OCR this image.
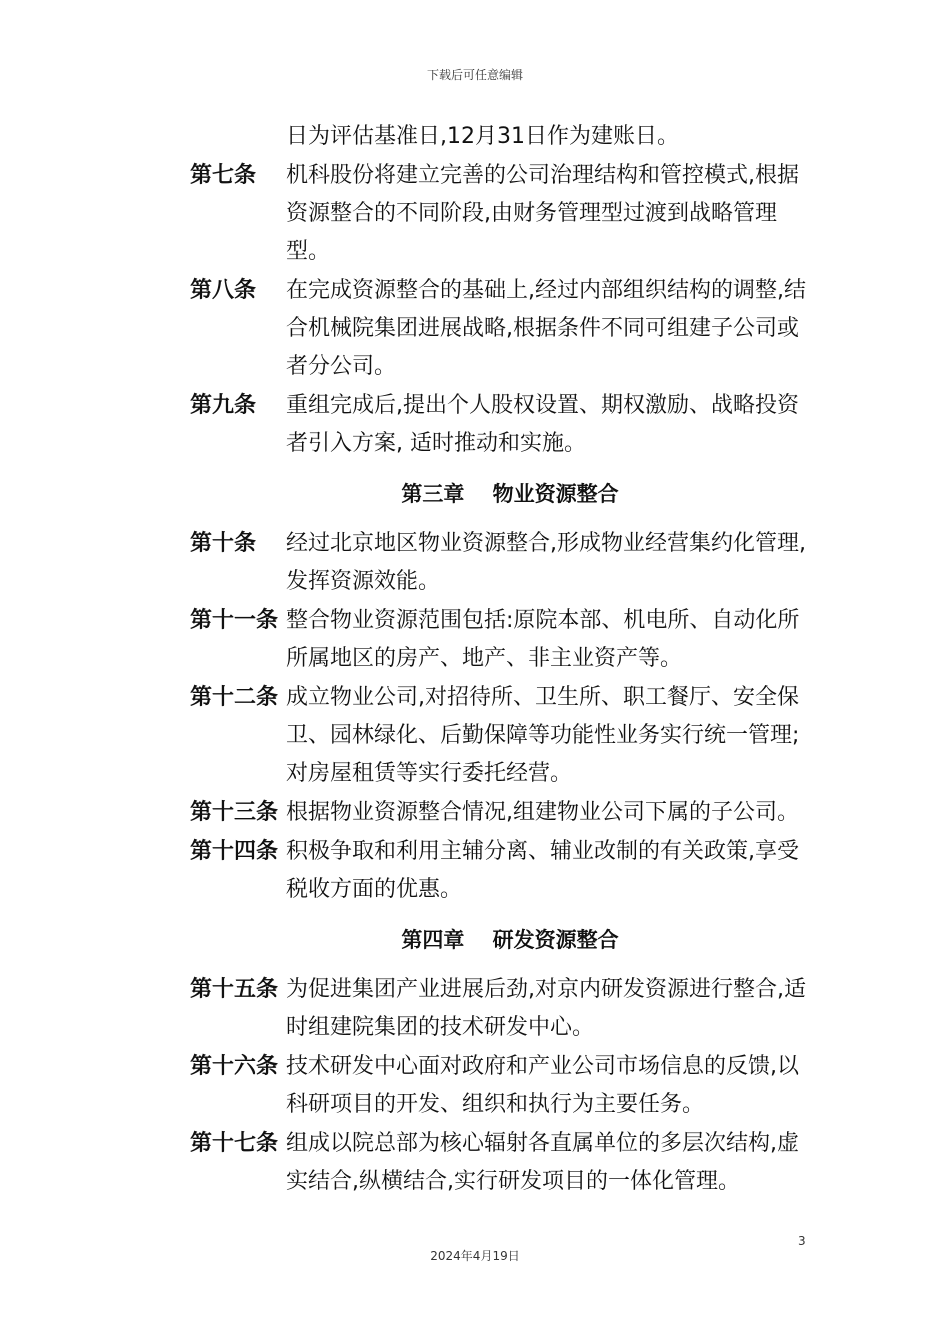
下载后可任意编辑
日为评估基准日,12月31日作为建账日。
第七条	机科股份将建立完善的公司治理结构和管控模式,根据资源整合的不同阶段,由财务管理型过渡到战略管理型。
第八条	在完成资源整合的基础上,经过内部组织结构的调整,结合机械院集团进展战略,根据条件不同可组建子公司或者分公司。
第九条	重组完成后,提出个人股权设置、期权激励、战略投资者引入方案, 适时推动和实施。
第三章　 物业资源整合
第十条	经过北京地区物业资源整合,形成物业经营集约化管理,发挥资源效能。
第十一条 整合物业资源范围包括:原院本部、机电所、自动化所所属地区的房产、地产、非主业资产等。
第十二条 成立物业公司,对招待所、卫生所、职工餐厅、安全保卫、园林绿化、后勤保障等功能性业务实行统一管理;对房屋租赁等实行委托经营。
第十三条 根据物业资源整合情况,组建物业公司下属的子公司。
第十四条 积极争取和利用主辅分离、辅业改制的有关政策,享受税收方面的优惠。
第四章　 研发资源整合
第十五条 为促进集团产业进展后劲,对京内研发资源进行整合,适时组建院集团的技术研发中心。
第十六条 技术研发中心面对政府和产业公司市场信息的反馈,以科研项目的开发、组织和执行为主要任务。
第十七条 组成以院总部为核心辐射各直属单位的多层次结构,虚实结合,纵横结合,实行研发项目的一体化管理。
3
2024年4月19日
